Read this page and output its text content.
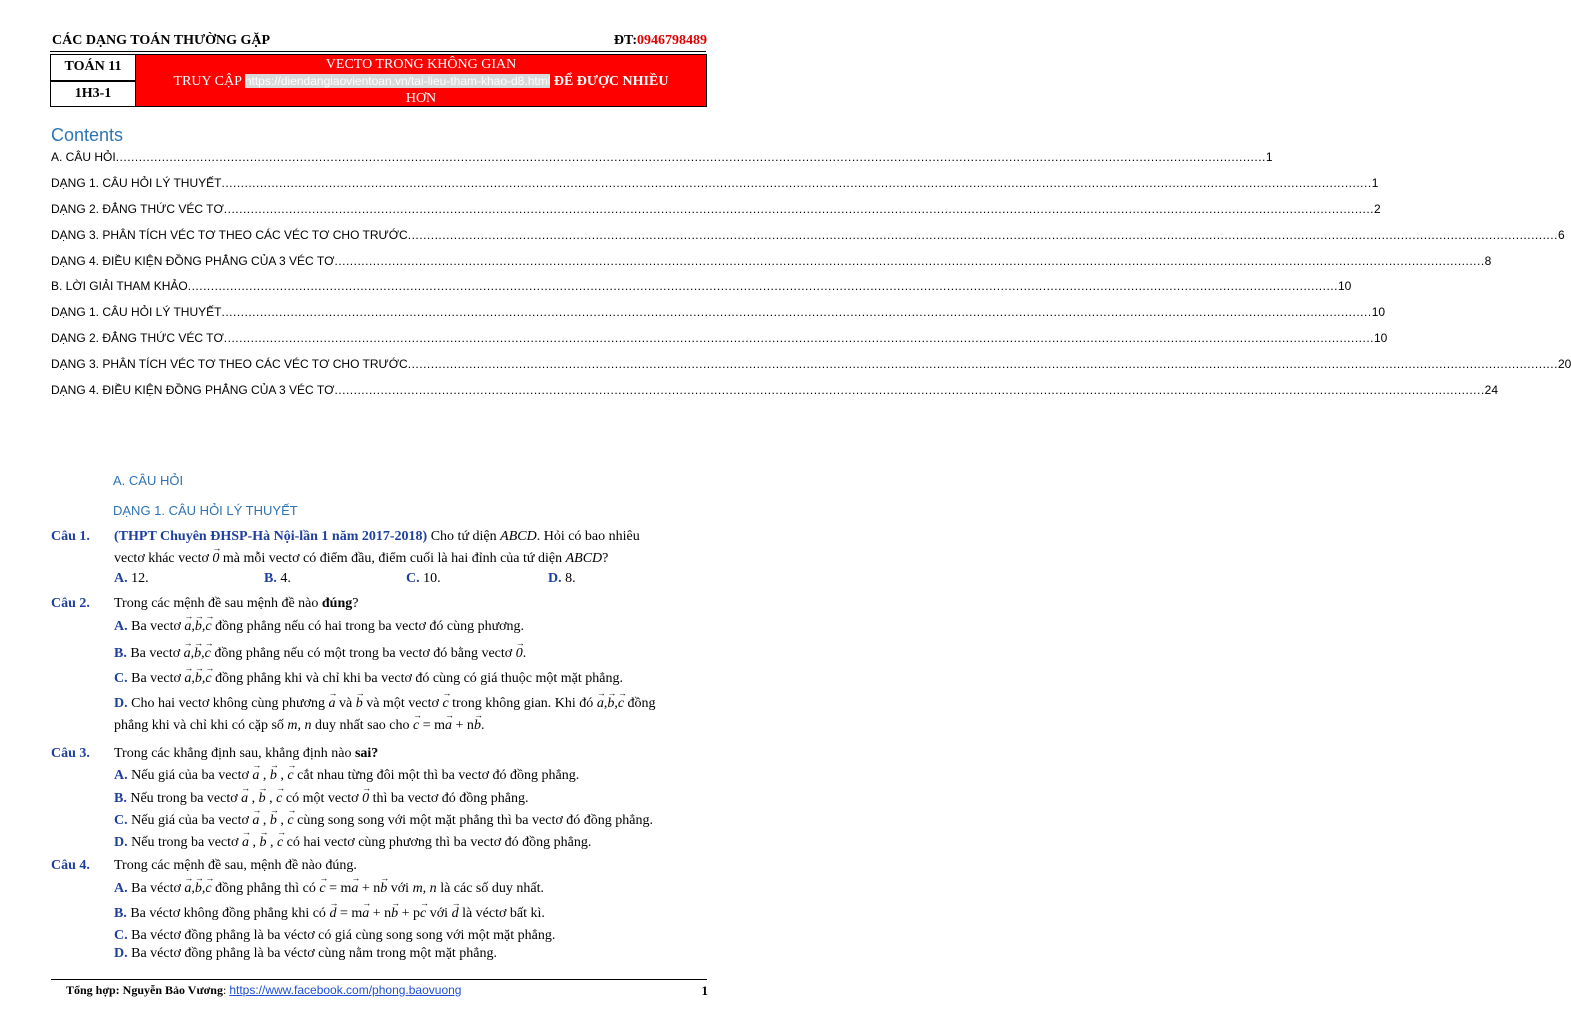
CÁC DẠNG TOÁN THƯỜNG GẶP	ĐT:0946798489
TOÁN 11
1H3-1
VECTO TRONG KHÔNG GIAN
TRUY CẬP https://diendangiaovientoan.vn/tai-lieu-tham-khao-d8.html ĐỂ ĐƯỢC NHIỀU
HƠN
Contents
A. CÂU HỎI ............................................................................................................................................................................................................................................................................................................ 1
DẠNG 1. CÂU HỎI LÝ THUYẾT ............................................................................................................................................................................................................................................................................................................ 1
DẠNG 2. ĐẲNG THỨC VÉC TƠ ............................................................................................................................................................................................................................................................................................................ 2
DẠNG 3. PHÂN TÍCH VÉC TƠ THEO CÁC VÉC TƠ CHO TRƯỚC ............................................................................................................................................................................................................................................................................................................ 6
DẠNG 4. ĐIỀU KIỆN ĐỒNG PHẲNG CỦA 3 VÉC TƠ ............................................................................................................................................................................................................................................................................................................ 8
B. LỜI GIẢI THAM KHẢO ............................................................................................................................................................................................................................................................................................................ 10
DẠNG 1. CÂU HỎI LÝ THUYẾT ............................................................................................................................................................................................................................................................................................................ 10
DẠNG 2. ĐẲNG THỨC VÉC TƠ ............................................................................................................................................................................................................................................................................................................ 10
DẠNG 3. PHÂN TÍCH VÉC TƠ THEO CÁC VÉC TƠ CHO TRƯỚC ............................................................................................................................................................................................................................................................................................................ 20
DẠNG 4. ĐIỀU KIỆN ĐỒNG PHẲNG CỦA 3 VÉC TƠ ............................................................................................................................................................................................................................................................................................................ 24
A. CÂU HỎI
DẠNG 1. CÂU HỎI LÝ THUYẾT
Câu 1. (THPT Chuyên ĐHSP-Hà Nội-lần 1 năm 2017-2018) Cho tứ diện ABCD. Hỏi có bao nhiêu
vectơ khác vectơ → 0 mà mỗi vectơ có điểm đầu, điểm cuối là hai đỉnh của tứ diện ABCD?
A. 12.	B. 4.	C. 10.	D. 8.
Câu 2. Trong các mệnh đề sau mệnh đề nào đúng?
A. Ba vectơ → a,→ b,→ c đồng phẳng nếu có hai trong ba vectơ đó cùng phương.
B. Ba vectơ → a,→ b,→ c đồng phẳng nếu có một trong ba vectơ đó bằng vectơ → 0.
C. Ba vectơ → a,→ b,→ c đồng phẳng khi và chỉ khi ba vectơ đó cùng có giá thuộc một mặt phẳng.
D. Cho hai vectơ không cùng phương → a và → b và một vectơ → c trong không gian. Khi đó → a,→ b,→ c đồng
phẳng khi và chỉ khi có cặp số m, n duy nhất sao cho → c = m→ a + n→ b.
Câu 3. Trong các khẳng định sau, khẳng định nào sai?
A. Nếu giá của ba vectơ → a , → b , → c cắt nhau từng đôi một thì ba vectơ đó đồng phẳng.
B. Nếu trong ba vectơ → a , → b , → c có một vectơ → 0 thì ba vectơ đó đồng phẳng.
C. Nếu giá của ba vectơ → a , → b , → c cùng song song với một mặt phẳng thì ba vectơ đó đồng phẳng.
D. Nếu trong ba vectơ → a , → b , → c có hai vectơ cùng phương thì ba vectơ đó đồng phẳng.
Câu 4. Trong các mệnh đề sau, mệnh đề nào đúng.
A. Ba véctơ → a,→ b,→ c đồng phẳng thì có → c = m→ a + n→ b với m, n là các số duy nhất.
B. Ba véctơ không đồng phẳng khi có → d = m→ a + n→ b + p→ c với → d là véctơ bất kì.
C. Ba véctơ đồng phẳng là ba véctơ có giá cùng song song với một mặt phẳng.
D. Ba véctơ đồng phẳng là ba véctơ cùng nằm trong một mặt phẳng.
Tổng hợp: Nguyễn Bảo Vương: https://www.facebook.com/phong.baovuong	1
